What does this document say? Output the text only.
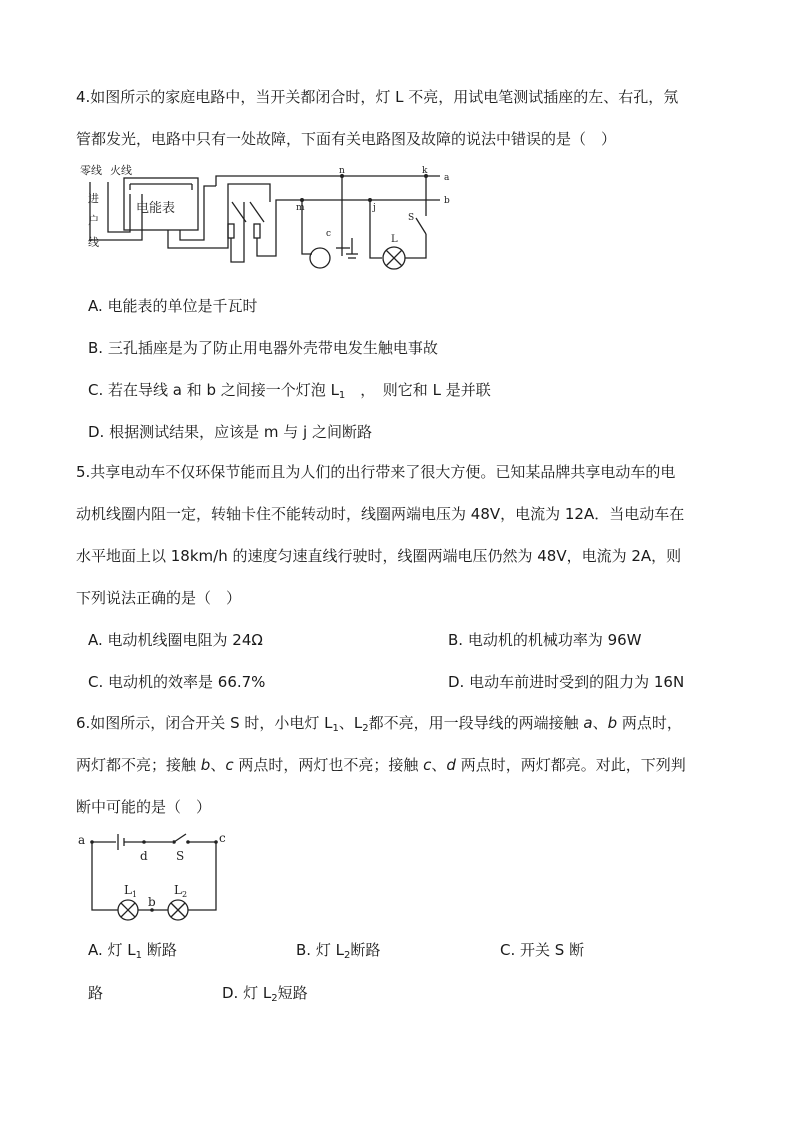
4.如图所示的家庭电路中，当开关都闭合时，灯 L 不亮，用试电笔测试插座的左、右孔，氖
管都发光，电路中只有一处故障，下面有关电路图及故障的说法中错误的是（　）
零线 火线
进
户
线
电能表
n	k
a
b
m	j
S
c	L
A. 电能表的单位是千瓦时
B. 三孔插座是为了防止用电器外壳带电发生触电事故
C. 若在导线 a 和 b 之间接一个灯泡 $L_1$　，　则它和 L 是并联
D. 根据测试结果，应该是 m 与 j 之间断路
5.共享电动车不仅环保节能而且为人们的出行带来了很大方便。已知某品牌共享电动车的电
动机线圈内阻一定，转轴卡住不能转动时，线圈两端电压为 48V，电流为 12A．当电动车在
水平地面上以 18km/h 的速度匀速直线行驶时，线圈两端电压仍然为 48V，电流为 2A，则
下列说法正确的是（　）
A. 电动机线圈电阻为 24Ω	B. 电动机的机械功率为 96W
C. 电动机的效率是 66.7%	D. 电动车前进时受到的阻力为 16N
6.如图所示，闭合开关 S 时，小电灯 $L_1$、$L_2$都不亮，用一段导线的两端接触 a、b 两点时，
两灯都不亮；接触 b、c 两点时，两灯也不亮；接触 c、d 两点时，两灯都亮。对此，下列判
断中可能的是（　）
a	c
d S
$L_1$	$L_2$
b
A. 灯 $L_1$ 断路	B. 灯 $L_2$断路	C. 开关 S 断
路	D. 灯 $L_2$短路
